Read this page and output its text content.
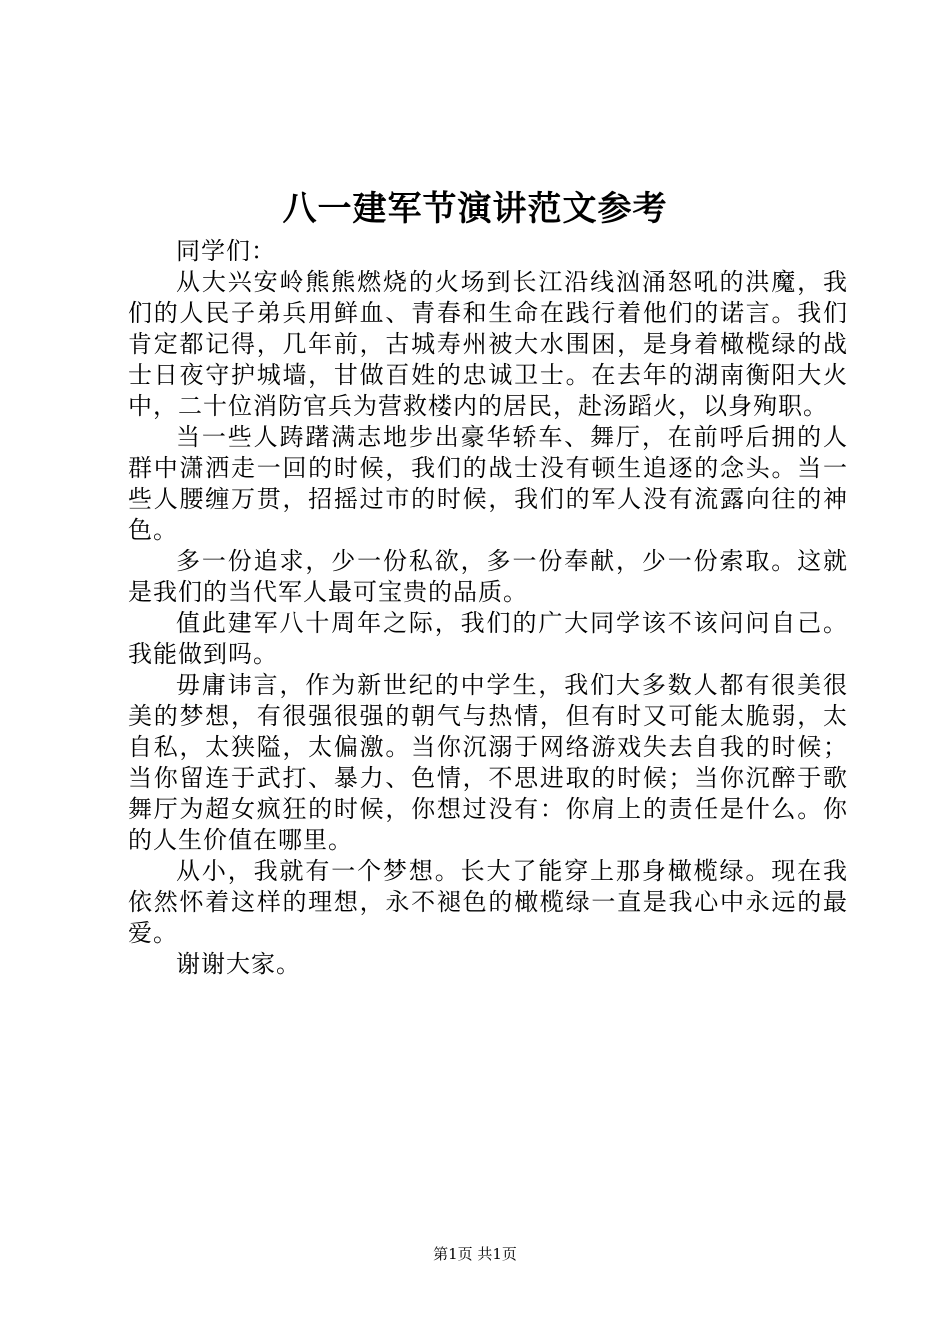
八一建军节演讲范文参考

同学们：

从大兴安岭熊熊燃烧的火场到长江沿线汹涌怒吼的洪魔，我们的人民子弟兵用鲜血、青春和生命在践行着他们的诺言。我们肯定都记得，几年前，古城寿州被大水围困，是身着橄榄绿的战士日夜守护城墙，甘做百姓的忠诚卫士。在去年的湖南衡阳大火中，二十位消防官兵为营救楼内的居民，赴汤蹈火，以身殉职。

当一些人踌躇满志地步出豪华轿车、舞厅，在前呼后拥的人群中潇洒走一回的时候，我们的战士没有顿生追逐的念头。当一些人腰缠万贯，招摇过市的时候，我们的军人没有流露向往的神色。

多一份追求，少一份私欲，多一份奉献，少一份索取。这就是我们的当代军人最可宝贵的品质。

值此建军八十周年之际，我们的广大同学该不该问问自己。我能做到吗。

毋庸讳言，作为新世纪的中学生，我们大多数人都有很美很美的梦想，有很强很强的朝气与热情，但有时又可能太脆弱，太自私，太狭隘，太偏激。当你沉溺于网络游戏失去自我的时候；当你留连于武打、暴力、色情，不思进取的时候；当你沉醉于歌舞厅为超女疯狂的时候，你想过没有：你肩上的责任是什么。你的人生价值在哪里。

从小，我就有一个梦想。长大了能穿上那身橄榄绿。现在我依然怀着这样的理想，永不褪色的橄榄绿一直是我心中永远的最爱。

谢谢大家。

第1页 共1页
